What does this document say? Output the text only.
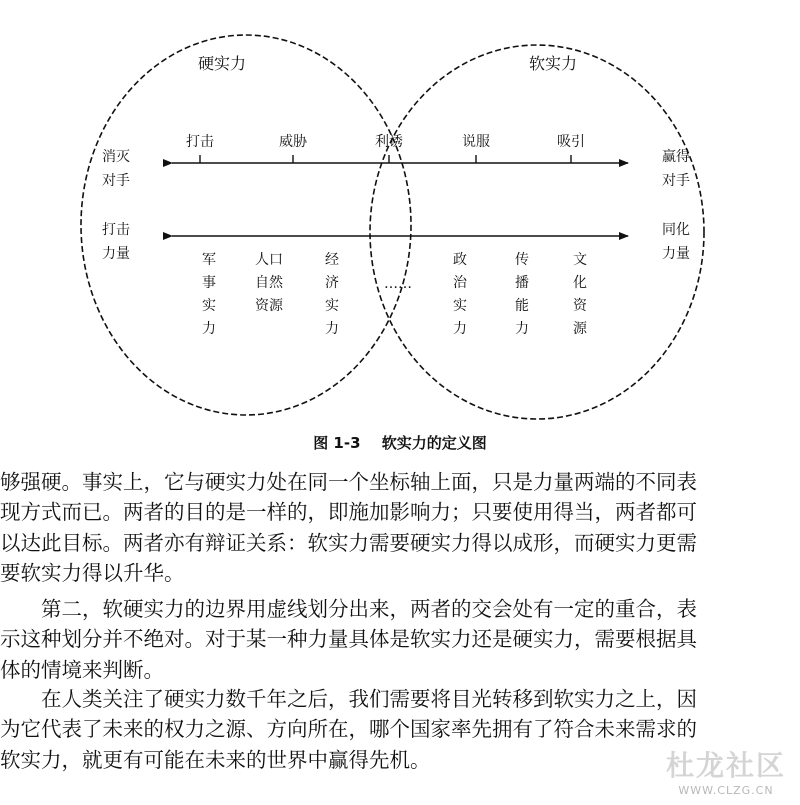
硬实力	软实力
打击	威胁	利诱	说服	吸引
消灭
对手
赢得
对手
打击
力量
同化
力量
军
事
实
力
人口
自然
资源
经
济
实
力
……
政
治
实
力
传
播
能
力
文
化
资
源
图 1-3 软实力的定义图

够强硬。事实上，它与硬实力处在同一个坐标轴上面，只是力量两端的不同表
现方式而已。两者的目的是一样的，即施加影响力；只要使用得当，两者都可
以达此目标。两者亦有辩证关系：软实力需要硬实力得以成形，而硬实力更需
要软实力得以升华。

　　第二，软硬实力的边界用虚线划分出来，两者的交会处有一定的重合，表
示这种划分并不绝对。对于某一种力量具体是软实力还是硬实力，需要根据具
体的情境来判断。

　　在人类关注了硬实力数千年之后，我们需要将目光转移到软实力之上，因
为它代表了未来的权力之源、方向所在，哪个国家率先拥有了符合未来需求的
软实力，就更有可能在未来的世界中赢得先机。	杜龙社区
WWW.CLZG.CN
